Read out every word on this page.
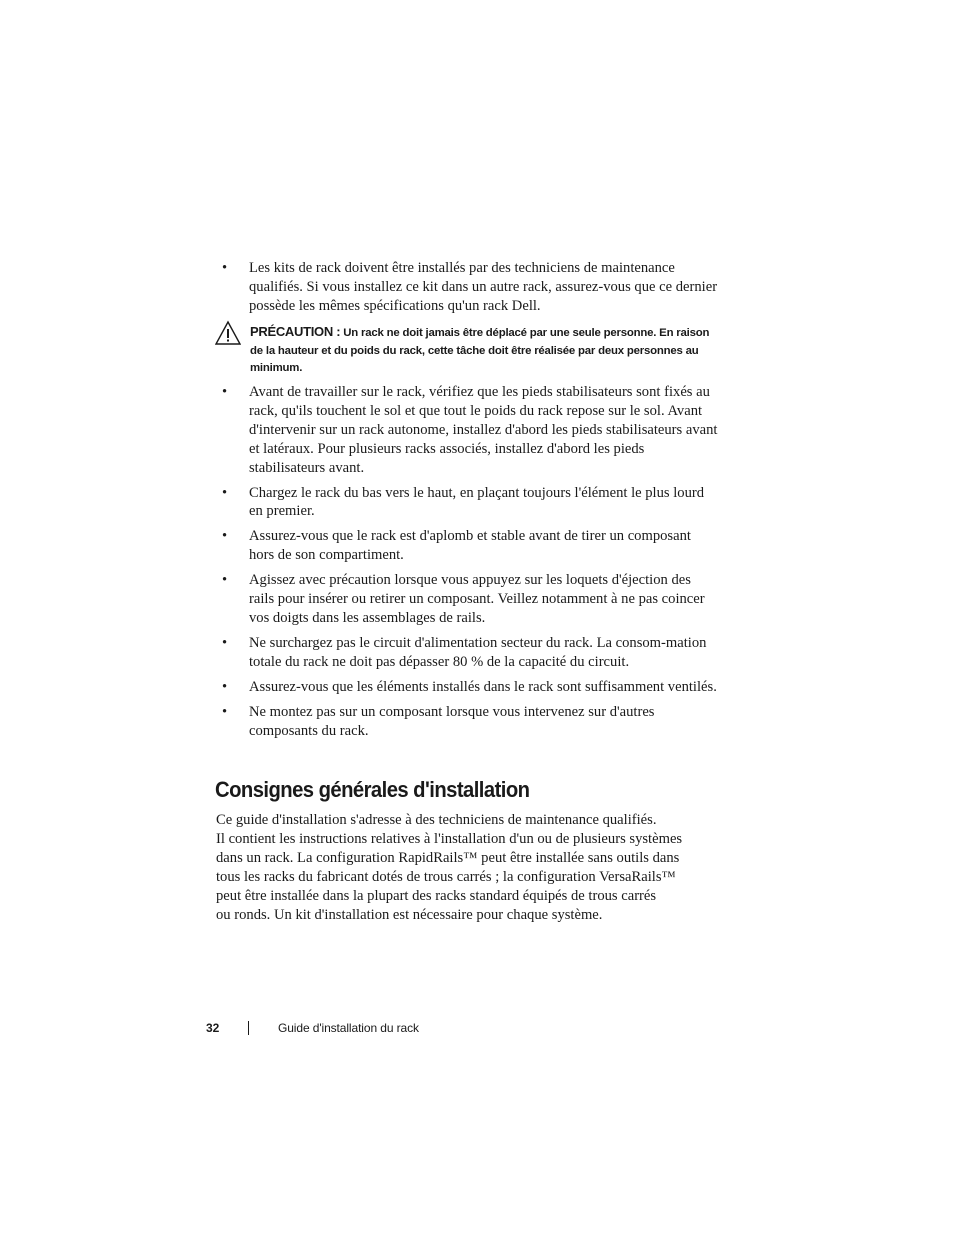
•	Les kits de rack doivent être installés par des techniciens de maintenance qualifiés. Si vous installez ce kit dans un autre rack, assurez-vous que ce dernier possède les mêmes spécifications qu'un rack Dell.
PRÉCAUTION : Un rack ne doit jamais être déplacé par une seule personne. En raison de la hauteur et du poids du rack, cette tâche doit être réalisée par deux personnes au minimum.
•	Avant de travailler sur le rack, vérifiez que les pieds stabilisateurs sont fixés au rack, qu'ils touchent le sol et que tout le poids du rack repose sur le sol. Avant d'intervenir sur un rack autonome, installez d'abord les pieds stabilisateurs avant et latéraux. Pour plusieurs racks associés, installez d'abord les pieds stabilisateurs avant.
•	Chargez le rack du bas vers le haut, en plaçant toujours l'élément le plus lourd en premier.
•	Assurez-vous que le rack est d'aplomb et stable avant de tirer un composant hors de son compartiment.
•	Agissez avec précaution lorsque vous appuyez sur les loquets d'éjection des rails pour insérer ou retirer un composant. Veillez notamment à ne pas coincer vos doigts dans les assemblages de rails.
•	Ne surchargez pas le circuit d'alimentation secteur du rack. La consom-mation totale du rack ne doit pas dépasser 80 % de la capacité du circuit.
•	Assurez-vous que les éléments installés dans le rack sont suffisamment ventilés.
•	Ne montez pas sur un composant lorsque vous intervenez sur d'autres composants du rack.
Consignes générales d'installation

Ce guide d'installation s'adresse à des techniciens de maintenance qualifiés.
Il contient les instructions relatives à l'installation d'un ou de plusieurs systèmes
dans un rack. La configuration RapidRails™ peut être installée sans outils dans
tous les racks du fabricant dotés de trous carrés ; la configuration VersaRails™
peut être installée dans la plupart des racks standard équipés de trous carrés
ou ronds. Un kit d'installation est nécessaire pour chaque système.

32	Guide d'installation du rack
